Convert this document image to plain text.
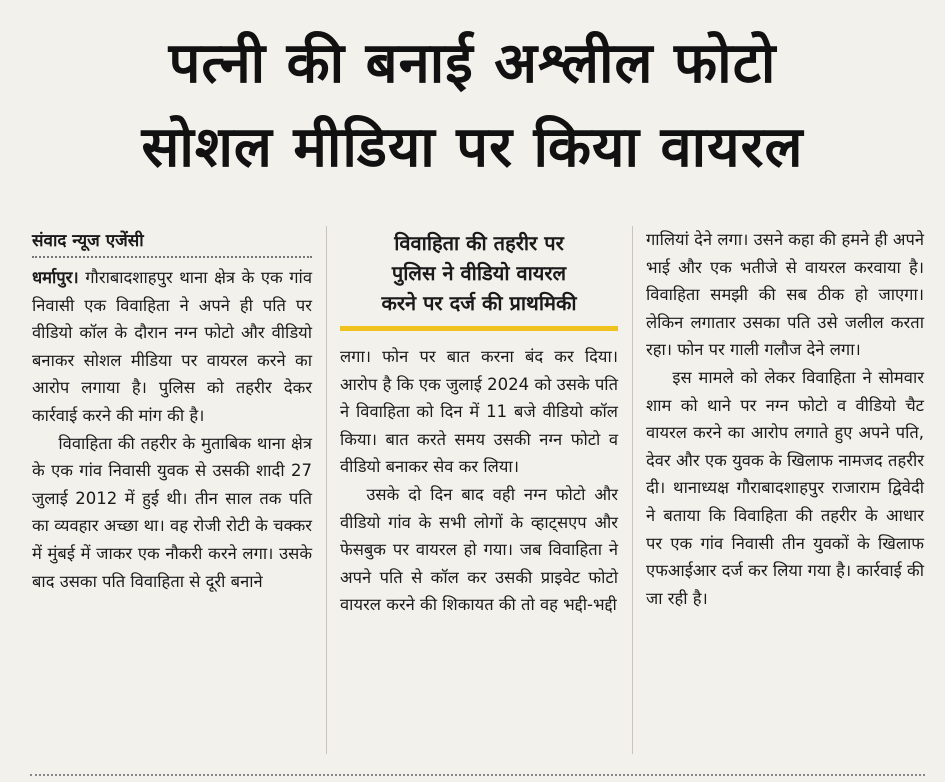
पत्नी की बनाई अश्लील फोटो
सोशल मीडिया पर किया वायरल
संवाद न्यूज एजेंसी

धर्मापुर। गौराबादशाहपुर थाना क्षेत्र के एक गांव निवासी एक विवाहिता ने अपने ही पति पर वीडियो कॉल के दौरान नग्न फोटो और वीडियो बनाकर सोशल मीडिया पर वायरल करने का आरोप लगाया है। पुलिस को तहरीर देकर कार्रवाई करने की मांग की है।

विवाहिता की तहरीर के मुताबिक थाना क्षेत्र के एक गांव निवासी युवक से उसकी शादी 27 जुलाई 2012 में हुई थी। तीन साल तक पति का व्यवहार अच्छा था। वह रोजी रोटी के चक्कर में मुंबई में जाकर एक नौकरी करने लगा। उसके बाद उसका पति विवाहिता से दूरी बनाने

विवाहिता की तहरीर पर
पुलिस ने वीडियो वायरल
करने पर दर्ज की प्राथमिकी

लगा। फोन पर बात करना बंद कर दिया। आरोप है कि एक जुलाई 2024 को उसके पति ने विवाहिता को दिन में 11 बजे वीडियो कॉल किया। बात करते समय उसकी नग्न फोटो व वीडियो बनाकर सेव कर लिया।

उसके दो दिन बाद वही नग्न फोटो और वीडियो गांव के सभी लोगों के व्हाट्सएप और फेसबुक पर वायरल हो गया। जब विवाहिता ने अपने पति से कॉल कर उसकी प्राइवेट फोटो वायरल करने की शिकायत की तो वह भद्दी-भद्दी

गालियां देने लगा। उसने कहा की हमने ही अपने भाई और एक भतीजे से वायरल करवाया है। विवाहिता समझी की सब ठीक हो जाएगा। लेकिन लगातार उसका पति उसे जलील करता रहा। फोन पर गाली गलौज देने लगा।

इस मामले को लेकर विवाहिता ने सोमवार शाम को थाने पर नग्न फोटो व वीडियो चैट वायरल करने का आरोप लगाते हुए अपने पति, देवर और एक युवक के खिलाफ नामजद तहरीर दी। थानाध्यक्ष गौराबादशाहपुर राजाराम द्विवेदी ने बताया कि विवाहिता की तहरीर के आधार पर एक गांव निवासी तीन युवकों के खिलाफ एफआईआर दर्ज कर लिया गया है। कार्रवाई की जा रही है।
